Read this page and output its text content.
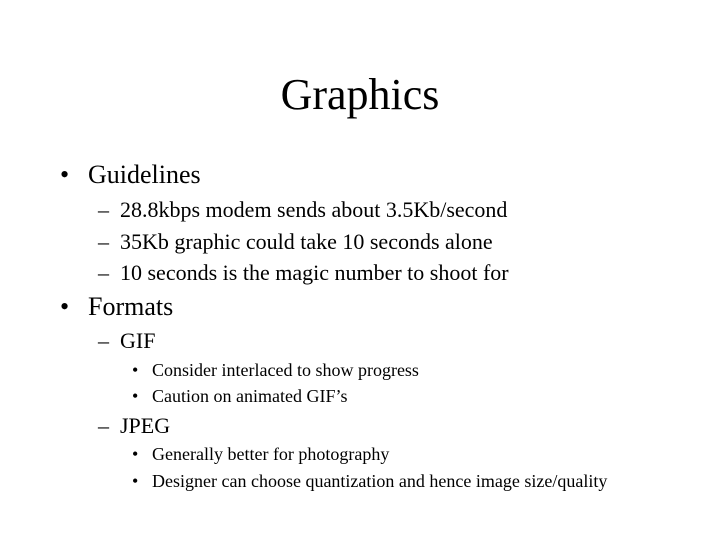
Graphics
• Guidelines
– 28.8kbps modem sends about 3.5Kb/second
– 35Kb graphic could take 10 seconds alone
– 10 seconds is the magic number to shoot for
• Formats
– GIF
• Consider interlaced to show progress
• Caution on animated GIF’s
– JPEG
• Generally better for photography
• Designer can choose quantization and hence image size/quality
